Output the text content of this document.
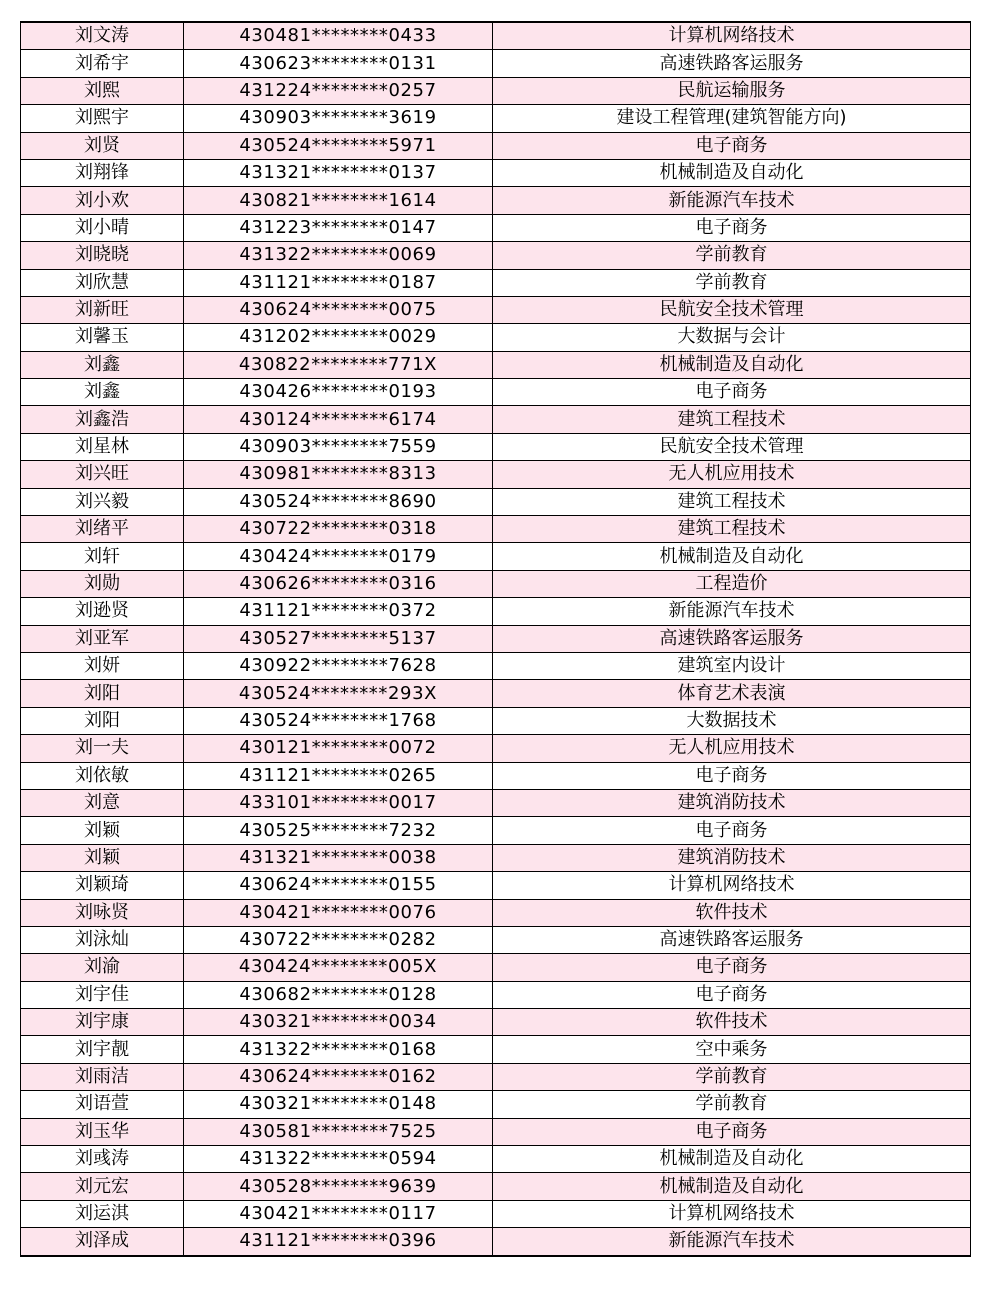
刘文涛	430481********0433	计算机网络技术
刘希宇	430623********0131	高速铁路客运服务
刘熙	431224********0257	民航运输服务
刘熙宇	430903********3619	建设工程管理(建筑智能方向)
刘贤	430524********5971	电子商务
刘翔锋	431321********0137	机械制造及自动化
刘小欢	430821********1614	新能源汽车技术
刘小晴	431223********0147	电子商务
刘晓晓	431322********0069	学前教育
刘欣慧	431121********0187	学前教育
刘新旺	430624********0075	民航安全技术管理
刘馨玉	431202********0029	大数据与会计
刘鑫	430822********771X	机械制造及自动化
刘鑫	430426********0193	电子商务
刘鑫浩	430124********6174	建筑工程技术
刘星林	430903********7559	民航安全技术管理
刘兴旺	430981********8313	无人机应用技术
刘兴毅	430524********8690	建筑工程技术
刘绪平	430722********0318	建筑工程技术
刘轩	430424********0179	机械制造及自动化
刘勋	430626********0316	工程造价
刘逊贤	431121********0372	新能源汽车技术
刘亚军	430527********5137	高速铁路客运服务
刘妍	430922********7628	建筑室内设计
刘阳	430524********293X	体育艺术表演
刘阳	430524********1768	大数据技术
刘一夫	430121********0072	无人机应用技术
刘依敏	431121********0265	电子商务
刘意	433101********0017	建筑消防技术
刘颖	430525********7232	电子商务
刘颖	431321********0038	建筑消防技术
刘颖琦	430624********0155	计算机网络技术
刘咏贤	430421********0076	软件技术
刘泳灿	430722********0282	高速铁路客运服务
刘渝	430424********005X	电子商务
刘宇佳	430682********0128	电子商务
刘宇康	430321********0034	软件技术
刘宇靓	431322********0168	空中乘务
刘雨洁	430624********0162	学前教育
刘语萱	430321********0148	学前教育
刘玉华	430581********7525	电子商务
刘彧涛	431322********0594	机械制造及自动化
刘元宏	430528********9639	机械制造及自动化
刘运淇	430421********0117	计算机网络技术
刘泽成	431121********0396	新能源汽车技术
